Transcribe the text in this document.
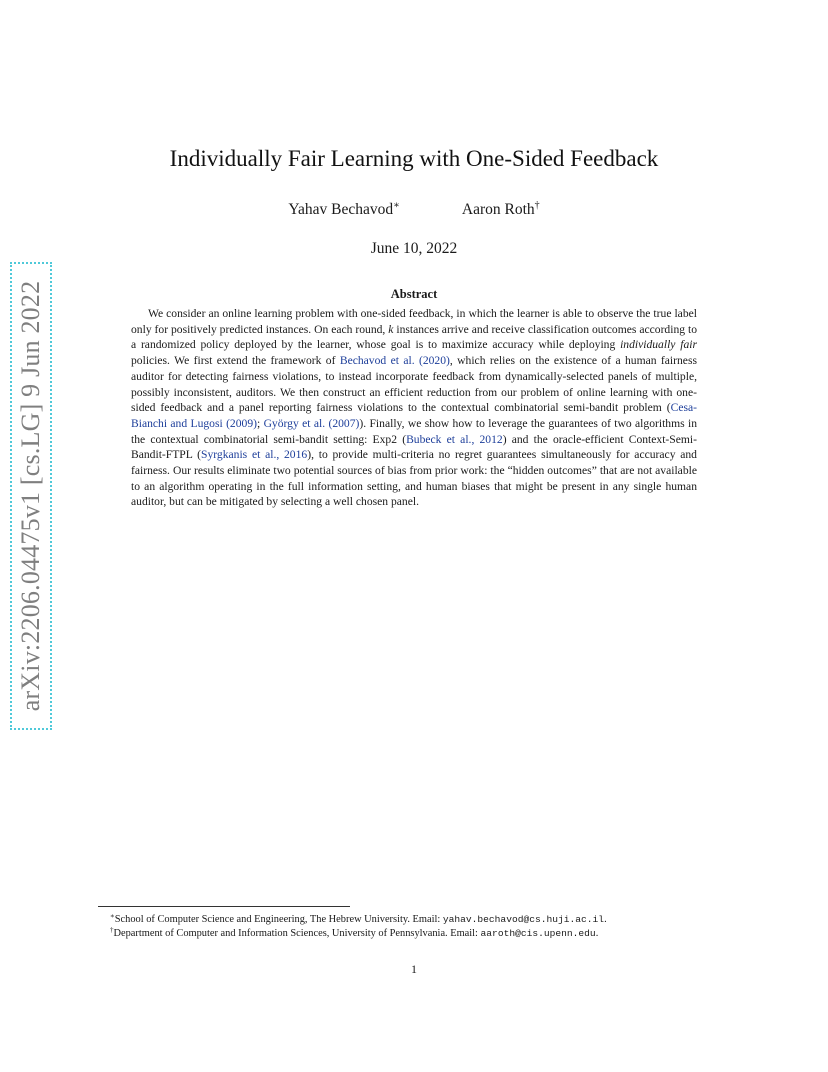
arXiv:2206.04475v1 [cs.LG] 9 Jun 2022
Individually Fair Learning with One-Sided Feedback
Yahav Bechavod∗	Aaron Roth†
June 10, 2022
Abstract

We consider an online learning problem with one-sided feedback, in which the learner is able to observe the true label only for positively predicted instances. On each round, k instances arrive and receive classification outcomes according to a randomized policy deployed by the learner, whose goal is to maximize accuracy while deploying individually fair policies. We first extend the framework of Bechavod et al. (2020), which relies on the existence of a human fairness auditor for detecting fairness violations, to instead incorporate feedback from dynamically-selected panels of multiple, possibly inconsistent, auditors. We then construct an efficient reduction from our problem of online learning with one-sided feedback and a panel reporting fairness violations to the contextual combinatorial semi-bandit problem (Cesa-Bianchi and Lugosi (2009); György et al. (2007)). Finally, we show how to leverage the guarantees of two algorithms in the contextual combinatorial semi-bandit setting: Exp2 (Bubeck et al., 2012) and the oracle-efficient Context-Semi-Bandit-FTPL (Syrgkanis et al., 2016), to provide multi-criteria no regret guarantees simultaneously for accuracy and fairness. Our results eliminate two potential sources of bias from prior work: the “hidden outcomes” that are not available to an algorithm operating in the full information setting, and human biases that might be present in any single human auditor, but can be mitigated by selecting a well chosen panel.

∗School of Computer Science and Engineering, The Hebrew University. Email: yahav.bechavod@cs.huji.ac.il.
†Department of Computer and Information Sciences, University of Pennsylvania. Email: aaroth@cis.upenn.edu.
1
